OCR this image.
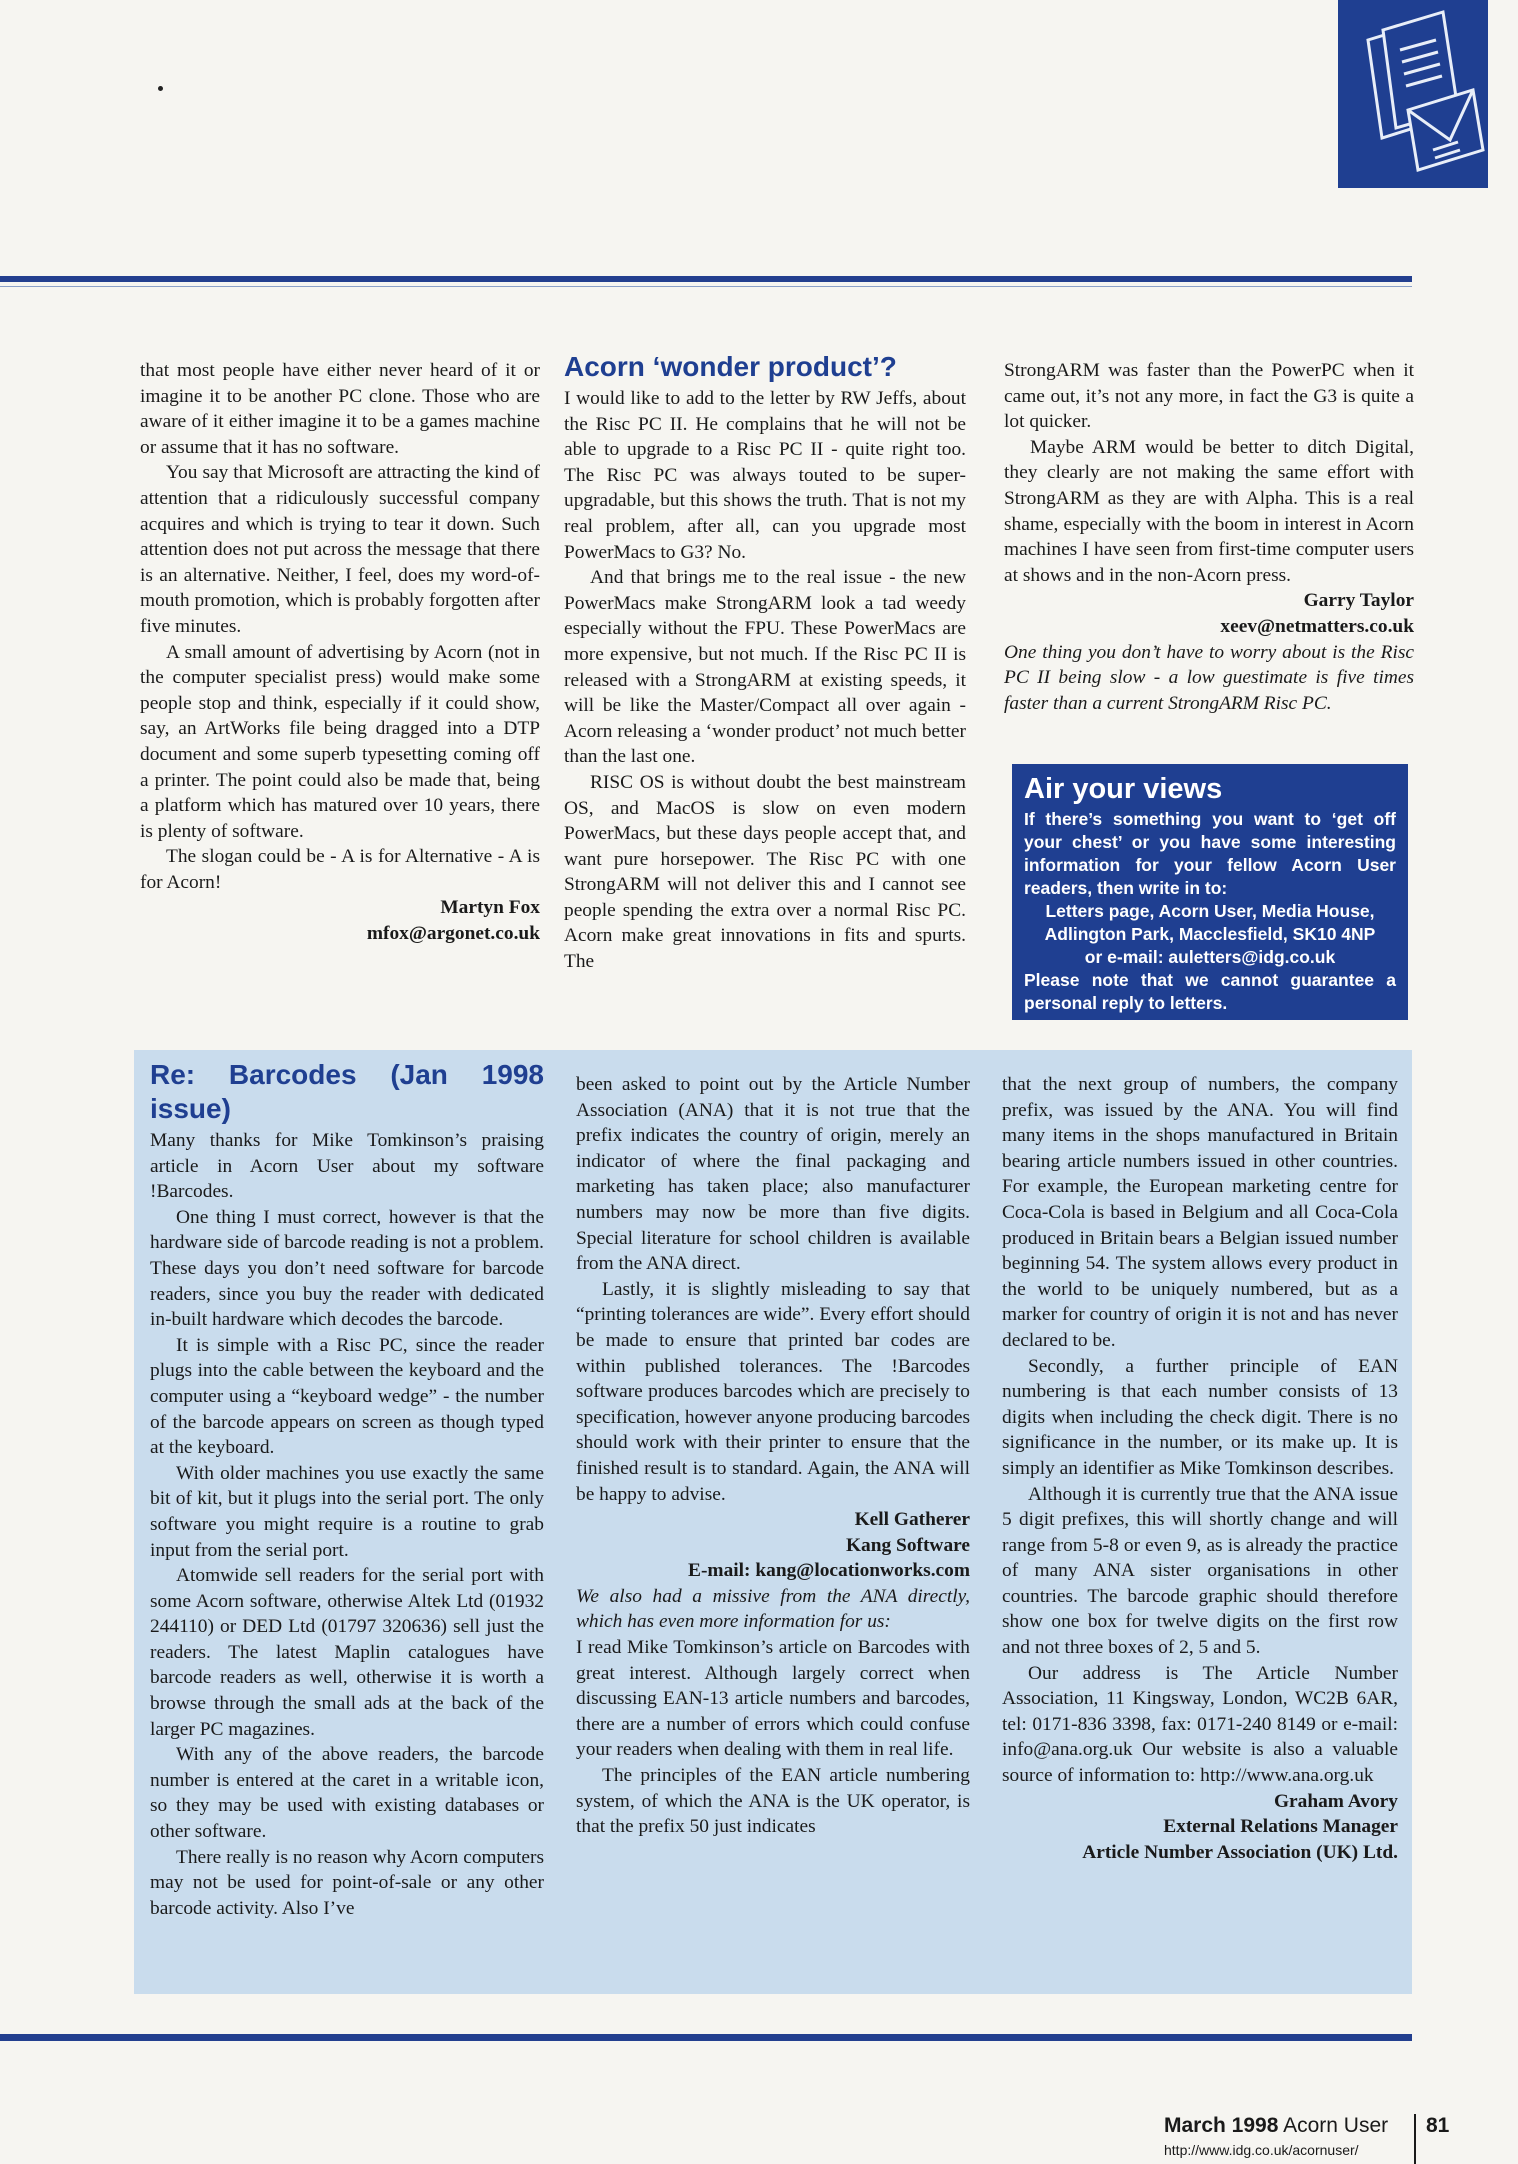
that most people have either never heard of it or imagine it to be another PC clone. Those who are aware of it either imagine it to be a games machine or assume that it has no software.

You say that Microsoft are attracting the kind of attention that a ridiculously successful company acquires and which is trying to tear it down. Such attention does not put across the message that there is an alternative. Neither, I feel, does my word-of-mouth promotion, which is probably forgotten after five minutes.

A small amount of advertising by Acorn (not in the computer specialist press) would make some people stop and think, especially if it could show, say, an ArtWorks file being dragged into a DTP document and some superb typesetting coming off a printer. The point could also be made that, being a platform which has matured over 10 years, there is plenty of software.

The slogan could be - A is for Alternative - A is for Acorn!

Martyn Fox

mfox@argonet.co.uk

Acorn ‘wonder product’?

I would like to add to the letter by RW Jeffs, about the Risc PC II. He complains that he will not be able to upgrade to a Risc PC II - quite right too. The Risc PC was always touted to be super-upgradable, but this shows the truth. That is not my real problem, after all, can you upgrade most PowerMacs to G3? No.

And that brings me to the real issue - the new PowerMacs make StrongARM look a tad weedy especially without the FPU. These PowerMacs are more expensive, but not much. If the Risc PC II is released with a StrongARM at existing speeds, it will be like the Master/Compact all over again - Acorn releasing a ‘wonder product’ not much better than the last one.

RISC OS is without doubt the best mainstream OS, and MacOS is slow on even modern PowerMacs, but these days people accept that, and want pure horsepower. The Risc PC with one StrongARM will not deliver this and I cannot see people spending the extra over a normal Risc PC. Acorn make great innovations in fits and spurts. The

StrongARM was faster than the PowerPC when it came out, it’s not any more, in fact the G3 is quite a lot quicker.

Maybe ARM would be better to ditch Digital, they clearly are not making the same effort with StrongARM as they are with Alpha. This is a real shame, especially with the boom in interest in Acorn machines I have seen from first-time computer users at shows and in the non-Acorn press.

Garry Taylor

xeev@netmatters.co.uk

One thing you don’t have to worry about is the Risc PC II being slow - a low guestimate is five times faster than a current StrongARM Risc PC.

Air your views
If there’s something you want to ‘get off your chest’ or you have some interesting information for your fellow Acorn User readers, then write in to:
Letters page, Acorn User, Media House,
Adlington Park, Macclesfield, SK10 4NP
or e-mail: auletters@idg.co.uk
Please note that we cannot guarantee a personal reply to letters.
Re: Barcodes (Jan 1998 issue)

Many thanks for Mike Tomkinson’s praising article in Acorn User about my software !Barcodes.

One thing I must correct, however is that the hardware side of barcode reading is not a problem. These days you don’t need software for barcode readers, since you buy the reader with dedicated in-built hardware which decodes the barcode.

It is simple with a Risc PC, since the reader plugs into the cable between the keyboard and the computer using a “keyboard wedge” - the number of the barcode appears on screen as though typed at the keyboard.

With older machines you use exactly the same bit of kit, but it plugs into the serial port. The only software you might require is a routine to grab input from the serial port.

Atomwide sell readers for the serial port with some Acorn software, otherwise Altek Ltd (01932 244110) or DED Ltd (01797 320636) sell just the readers. The latest Maplin catalogues have barcode readers as well, otherwise it is worth a browse through the small ads at the back of the larger PC magazines.

With any of the above readers, the barcode number is entered at the caret in a writable icon, so they may be used with existing databases or other software.

There really is no reason why Acorn computers may not be used for point-of-sale or any other barcode activity. Also I’ve

been asked to point out by the Article Number Association (ANA) that it is not true that the prefix indicates the country of origin, merely an indicator of where the final packaging and marketing has taken place; also manufacturer numbers may now be more than five digits. Special literature for school children is available from the ANA direct.

Lastly, it is slightly misleading to say that “printing tolerances are wide”. Every effort should be made to ensure that printed bar codes are within published tolerances. The !Barcodes software produces barcodes which are precisely to specification, however anyone producing barcodes should work with their printer to ensure that the finished result is to standard. Again, the ANA will be happy to advise.

Kell Gatherer

Kang Software

E-mail: kang@locationworks.com

We also had a missive from the ANA directly, which has even more information for us:

I read Mike Tomkinson’s article on Barcodes with great interest. Although largely correct when discussing EAN-13 article numbers and barcodes, there are a number of errors which could confuse your readers when dealing with them in real life.

The principles of the EAN article numbering system, of which the ANA is the UK operator, is that the prefix 50 just indicates

that the next group of numbers, the company prefix, was issued by the ANA. You will find many items in the shops manufactured in Britain bearing article numbers issued in other countries. For example, the European marketing centre for Coca-Cola is based in Belgium and all Coca-Cola produced in Britain bears a Belgian issued number beginning 54. The system allows every product in the world to be uniquely numbered, but as a marker for country of origin it is not and has never declared to be.

Secondly, a further principle of EAN numbering is that each number consists of 13 digits when including the check digit. There is no significance in the number, or its make up. It is simply an identifier as Mike Tomkinson describes.

Although it is currently true that the ANA issue 5 digit prefixes, this will shortly change and will range from 5-8 or even 9, as is already the practice of many ANA sister organisations in other countries. The barcode graphic should therefore show one box for twelve digits on the first row and not three boxes of 2, 5 and 5.

Our address is The Article Number Association, 11 Kingsway, London, WC2B 6AR, tel: 0171-836 3398, fax: 0171-240 8149 or e-mail: info@ana.org.uk Our website is also a valuable source of information to: http://www.ana.org.uk

Graham Avory

External Relations Manager

Article Number Association (UK) Ltd.

March 1998 Acorn User
http://www.idg.co.uk/acornuser/
81
